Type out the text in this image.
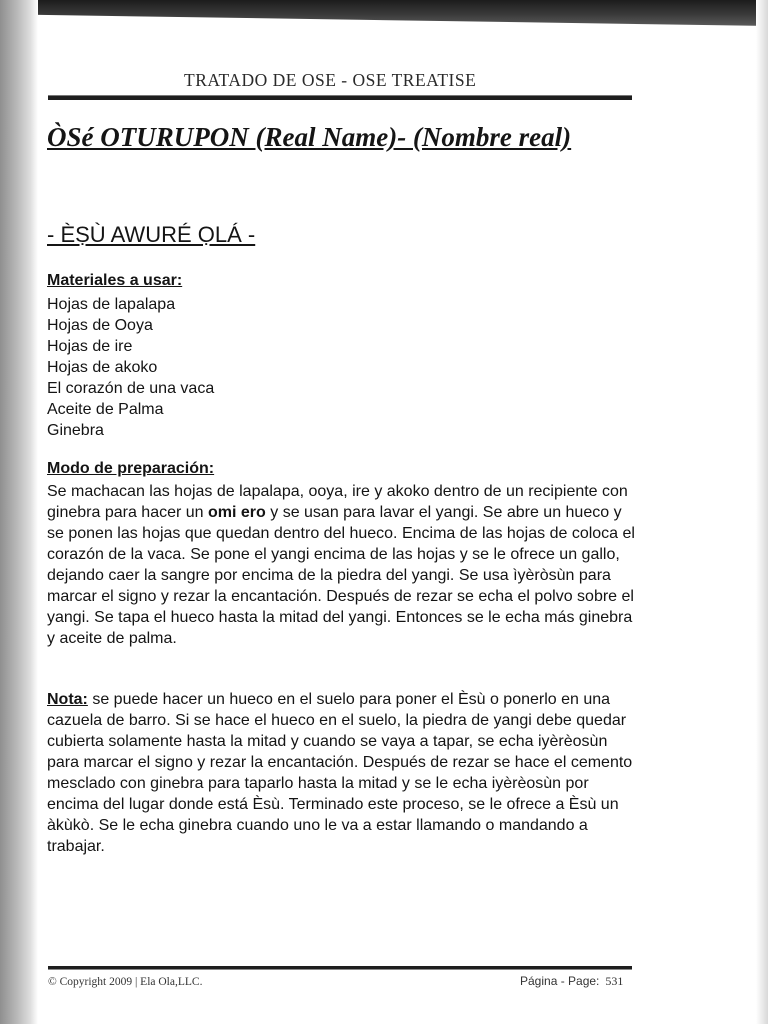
TRATADO DE OSE - OSE TREATISE
ÒSé OTURUPON (Real Name)- (Nombre real)
- ÈṢÙ AWURÉ ỌLÁ -
Materiales a usar:
Hojas de lapalapa
Hojas de Ooya
Hojas de ire
Hojas de akoko
El corazón de una vaca
Aceite de Palma
Ginebra
Modo de preparación:

Se machacan las hojas de lapalapa, ooya, ire y akoko dentro de un recipiente con ginebra para hacer un omi ero y se usan para lavar el yangi. Se abre un hueco y se ponen las hojas que quedan dentro del hueco. Encima de las hojas de coloca el corazón de la vaca. Se pone el yangi encima de las hojas y se le ofrece un gallo, dejando caer la sangre por encima de la piedra del yangi. Se usa ìyèròsùn para marcar el signo y rezar la encantación. Después de rezar se echa el polvo sobre el yangi. Se tapa el hueco hasta la mitad del yangi. Entonces se le echa más ginebra y aceite de palma.

Nota: se puede hacer un hueco en el suelo para poner el Èsù o ponerlo en una cazuela de barro. Si se hace el hueco en el suelo, la piedra de yangi debe quedar cubierta solamente hasta la mitad y cuando se vaya a tapar, se echa iyèrèosùn para marcar el signo y rezar la encantación. Después de rezar se hace el cemento mesclado con ginebra para taparlo hasta la mitad y se le echa iyèrèosùn por encima del lugar donde está Èsù. Terminado este proceso, se le ofrece a Èsù un àkùkò. Se le echa ginebra cuando uno le va a estar llamando o mandando a trabajar.

© Copyright 2009 | Ela Ola,LLC.	Página - Page: 531
